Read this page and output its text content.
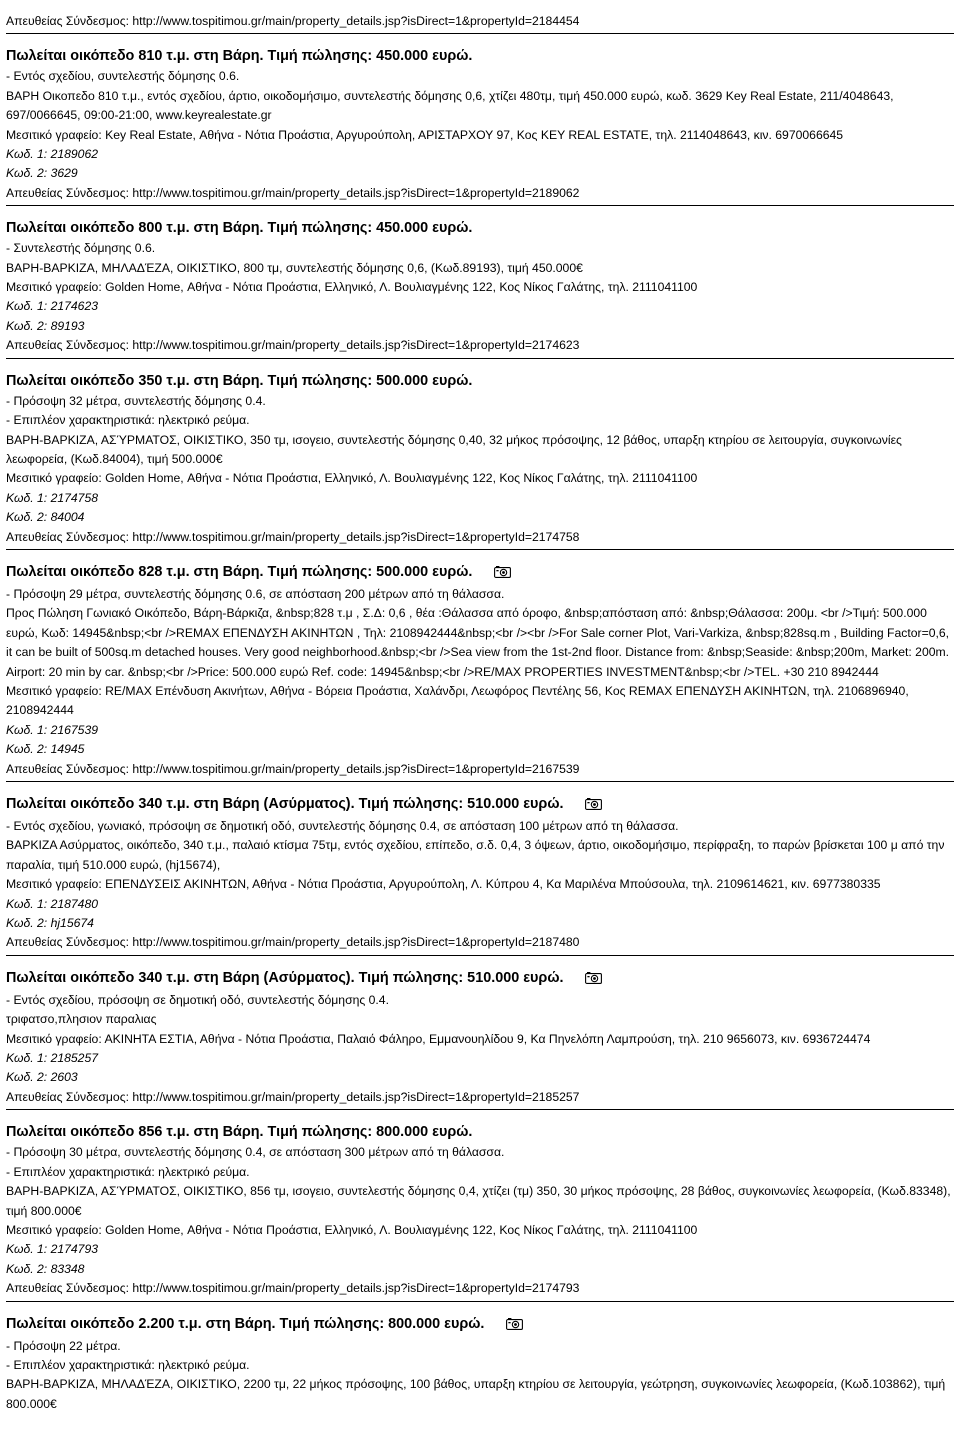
Απευθείας Σύνδεσμος: http://www.tospitimou.gr/main/property_details.jsp?isDirect=1&propertyId=2184454
Πωλείται οικόπεδο 810 τ.μ. στη Βάρη. Τιμή πώλησης: 450.000 ευρώ.
- Εντός σχεδίου, συντελεστής δόμησης 0.6.
ΒΑΡΗ Οικοπεδο 810 τ.μ., εντός σχεδίου, άρτιο, οικοδομήσιμο, συντελεστής δόμησης 0,6, χτίζει 480τμ, τιμή 450.000 ευρώ, κωδ. 3629 Key Real Estate, 211/4048643, 697/0066645, 09:00-21:00, www.keyrealestate.gr
Μεσιτικό γραφείο: Key Real Estate, Αθήνα - Νότια Προάστια, Αργυρούπολη, ΑΡΙΣΤΑΡΧΟΥ 97, Κος KEY REAL ESTATE, τηλ. 2114048643, κιν. 6970066645
Κωδ. 1: 2189062
Κωδ. 2: 3629
Απευθείας Σύνδεσμος: http://www.tospitimou.gr/main/property_details.jsp?isDirect=1&propertyId=2189062
Πωλείται οικόπεδο 800 τ.μ. στη Βάρη. Τιμή πώλησης: 450.000 ευρώ.
- Συντελεστής δόμησης 0.6.
ΒΑΡΗ-ΒΑΡΚΙΖΑ, ΜΗΛΑΔΈΖΑ, ΟΙΚΙΣΤΙΚΟ, 800 τμ, συντελεστής δόμησης 0,6, (Κωδ.89193), τιμή 450.000€
Μεσιτικό γραφείο: Golden Home, Αθήνα - Νότια Προάστια, Ελληνικό, Λ. Βουλιαγμένης 122, Κος Νίκος Γαλάτης, τηλ. 2111041100
Κωδ. 1: 2174623
Κωδ. 2: 89193
Απευθείας Σύνδεσμος: http://www.tospitimou.gr/main/property_details.jsp?isDirect=1&propertyId=2174623
Πωλείται οικόπεδο 350 τ.μ. στη Βάρη. Τιμή πώλησης: 500.000 ευρώ.
- Πρόσοψη 32 μέτρα, συντελεστής δόμησης 0.4.
- Επιπλέον χαρακτηριστικά: ηλεκτρικό ρεύμα.
ΒΑΡΗ-ΒΑΡΚΙΖΑ, ΑΣΎΡΜΑΤΟΣ, ΟΙΚΙΣΤΙΚΟ, 350 τμ, ισογειο, συντελεστής δόμησης 0,40, 32 μήκος πρόσοψης, 12 βάθος, υπαρξη κτηρίου σε λειτουργία, συγκοινωνίες λεωφορεία, (Κωδ.84004), τιμή 500.000€
Μεσιτικό γραφείο: Golden Home, Αθήνα - Νότια Προάστια, Ελληνικό, Λ. Βουλιαγμένης 122, Κος Νίκος Γαλάτης, τηλ. 2111041100
Κωδ. 1: 2174758
Κωδ. 2: 84004
Απευθείας Σύνδεσμος: http://www.tospitimou.gr/main/property_details.jsp?isDirect=1&propertyId=2174758
Πωλείται οικόπεδο 828 τ.μ. στη Βάρη. Τιμή πώλησης: 500.000 ευρώ.
- Πρόσοψη 29 μέτρα, συντελεστής δόμησης 0.6, σε απόσταση 200 μέτρων από τη θάλασσα.
Προς Πώληση Γωνιακό Οικόπεδο, Βάρη-Βάρκιζα, &nbsp;828 τ.μ , Σ.Δ: 0,6 , θέα :Θάλασσα από όροφο, &nbsp;απόσταση από: &nbsp;Θάλασσα: 200μ. <br />Τιμή: 500.000 ευρώ, Κωδ: 14945&nbsp;<br />REMAX ΕΠΕΝΔΥΣΗ ΑΚΙΝΗΤΩΝ , Τηλ: 2108942444&nbsp;<br /><br />For Sale corner Plot, Vari-Varkiza, &nbsp;828sq.m , Building Factor=0,6, it can be built of 500sq.m detached houses. Very good neighborhood.&nbsp;<br />Sea view from the 1st-2nd floor. Distance from: &nbsp;Seaside: &nbsp;200m, Market: 200m. Airport: 20 min by car. &nbsp;<br />Price: 500.000 ευρώ Ref. code: 14945&nbsp;<br />RE/MAX PROPERTIES INVESTMENT&nbsp;<br />TEL. +30 210 8942444
Μεσιτικό γραφείο: RE/MAX Επένδυση Ακινήτων, Αθήνα - Βόρεια Προάστια, Χαλάνδρι, Λεωφόρος Πεντέλης 56, Κος REMAX ΕΠΕΝΔΥΣΗ ΑΚΙΝΗΤΩΝ, τηλ. 2106896940, 2108942444
Κωδ. 1: 2167539
Κωδ. 2: 14945
Απευθείας Σύνδεσμος: http://www.tospitimou.gr/main/property_details.jsp?isDirect=1&propertyId=2167539
Πωλείται οικόπεδο 340 τ.μ. στη Βάρη (Ασύρματος). Τιμή πώλησης: 510.000 ευρώ.
- Εντός σχεδίου, γωνιακό, πρόσοψη σε δημοτική οδό, συντελεστής δόμησης 0.4, σε απόσταση 100 μέτρων από τη θάλασσα.
ΒΑΡΚΙΖΑ Ασύρματος, οικόπεδο, 340 τ.μ., παλαιό κτίσμα 75τμ, εντός σχεδίου, επίπεδο, σ.δ. 0,4, 3 όψεων, άρτιο, οικοδομήσιμο, περίφραξη, το παρών βρίσκεται 100 μ από την παραλία, τιμή 510.000 ευρώ, (hj15674),
Μεσιτικό γραφείο: ΕΠΕΝΔΥΣΕΙΣ ΑΚΙΝΗΤΩΝ, Αθήνα - Νότια Προάστια, Αργυρούπολη, Λ. Κύπρου 4, Κα Μαριλένα Μπούσουλα, τηλ. 2109614621, κιν. 6977380335
Κωδ. 1: 2187480
Κωδ. 2: hj15674
Απευθείας Σύνδεσμος: http://www.tospitimou.gr/main/property_details.jsp?isDirect=1&propertyId=2187480
Πωλείται οικόπεδο 340 τ.μ. στη Βάρη (Ασύρματος). Τιμή πώλησης: 510.000 ευρώ.
- Εντός σχεδίου, πρόσοψη σε δημοτική οδό, συντελεστής δόμησης 0.4.
τριφατσο,πλησιον παραλιας
Μεσιτικό γραφείο: ΑΚΙΝΗΤΑ ΕΣΤΙΑ, Αθήνα - Νότια Προάστια, Παλαιό Φάληρο, Εμμανουηλίδου 9, Κα Πηνελόπη Λαμπρούση, τηλ. 210 9656073, κιν. 6936724474
Κωδ. 1: 2185257
Κωδ. 2: 2603
Απευθείας Σύνδεσμος: http://www.tospitimou.gr/main/property_details.jsp?isDirect=1&propertyId=2185257
Πωλείται οικόπεδο 856 τ.μ. στη Βάρη. Τιμή πώλησης: 800.000 ευρώ.
- Πρόσοψη 30 μέτρα, συντελεστής δόμησης 0.4, σε απόσταση 300 μέτρων από τη θάλασσα.
- Επιπλέον χαρακτηριστικά: ηλεκτρικό ρεύμα.
ΒΑΡΗ-ΒΑΡΚΙΖΑ, ΑΣΎΡΜΑΤΟΣ, ΟΙΚΙΣΤΙΚΟ, 856 τμ, ισογειο, συντελεστής δόμησης 0,4, χτίζει (τμ) 350, 30 μήκος πρόσοψης, 28 βάθος, συγκοινωνίες λεωφορεία, (Κωδ.83348), τιμή 800.000€
Μεσιτικό γραφείο: Golden Home, Αθήνα - Νότια Προάστια, Ελληνικό, Λ. Βουλιαγμένης 122, Κος Νίκος Γαλάτης, τηλ. 2111041100
Κωδ. 1: 2174793
Κωδ. 2: 83348
Απευθείας Σύνδεσμος: http://www.tospitimou.gr/main/property_details.jsp?isDirect=1&propertyId=2174793
Πωλείται οικόπεδο 2.200 τ.μ. στη Βάρη. Τιμή πώλησης: 800.000 ευρώ.
- Πρόσοψη 22 μέτρα.
- Επιπλέον χαρακτηριστικά: ηλεκτρικό ρεύμα.
ΒΑΡΗ-ΒΑΡΚΙΖΑ, ΜΗΛΑΔΈΖΑ, ΟΙΚΙΣΤΙΚΟ, 2200 τμ, 22 μήκος πρόσοψης, 100 βάθος, υπαρξη κτηρίου σε λειτουργία, γεώτρηση, συγκοινωνίες λεωφορεία, (Κωδ.103862), τιμή 800.000€
